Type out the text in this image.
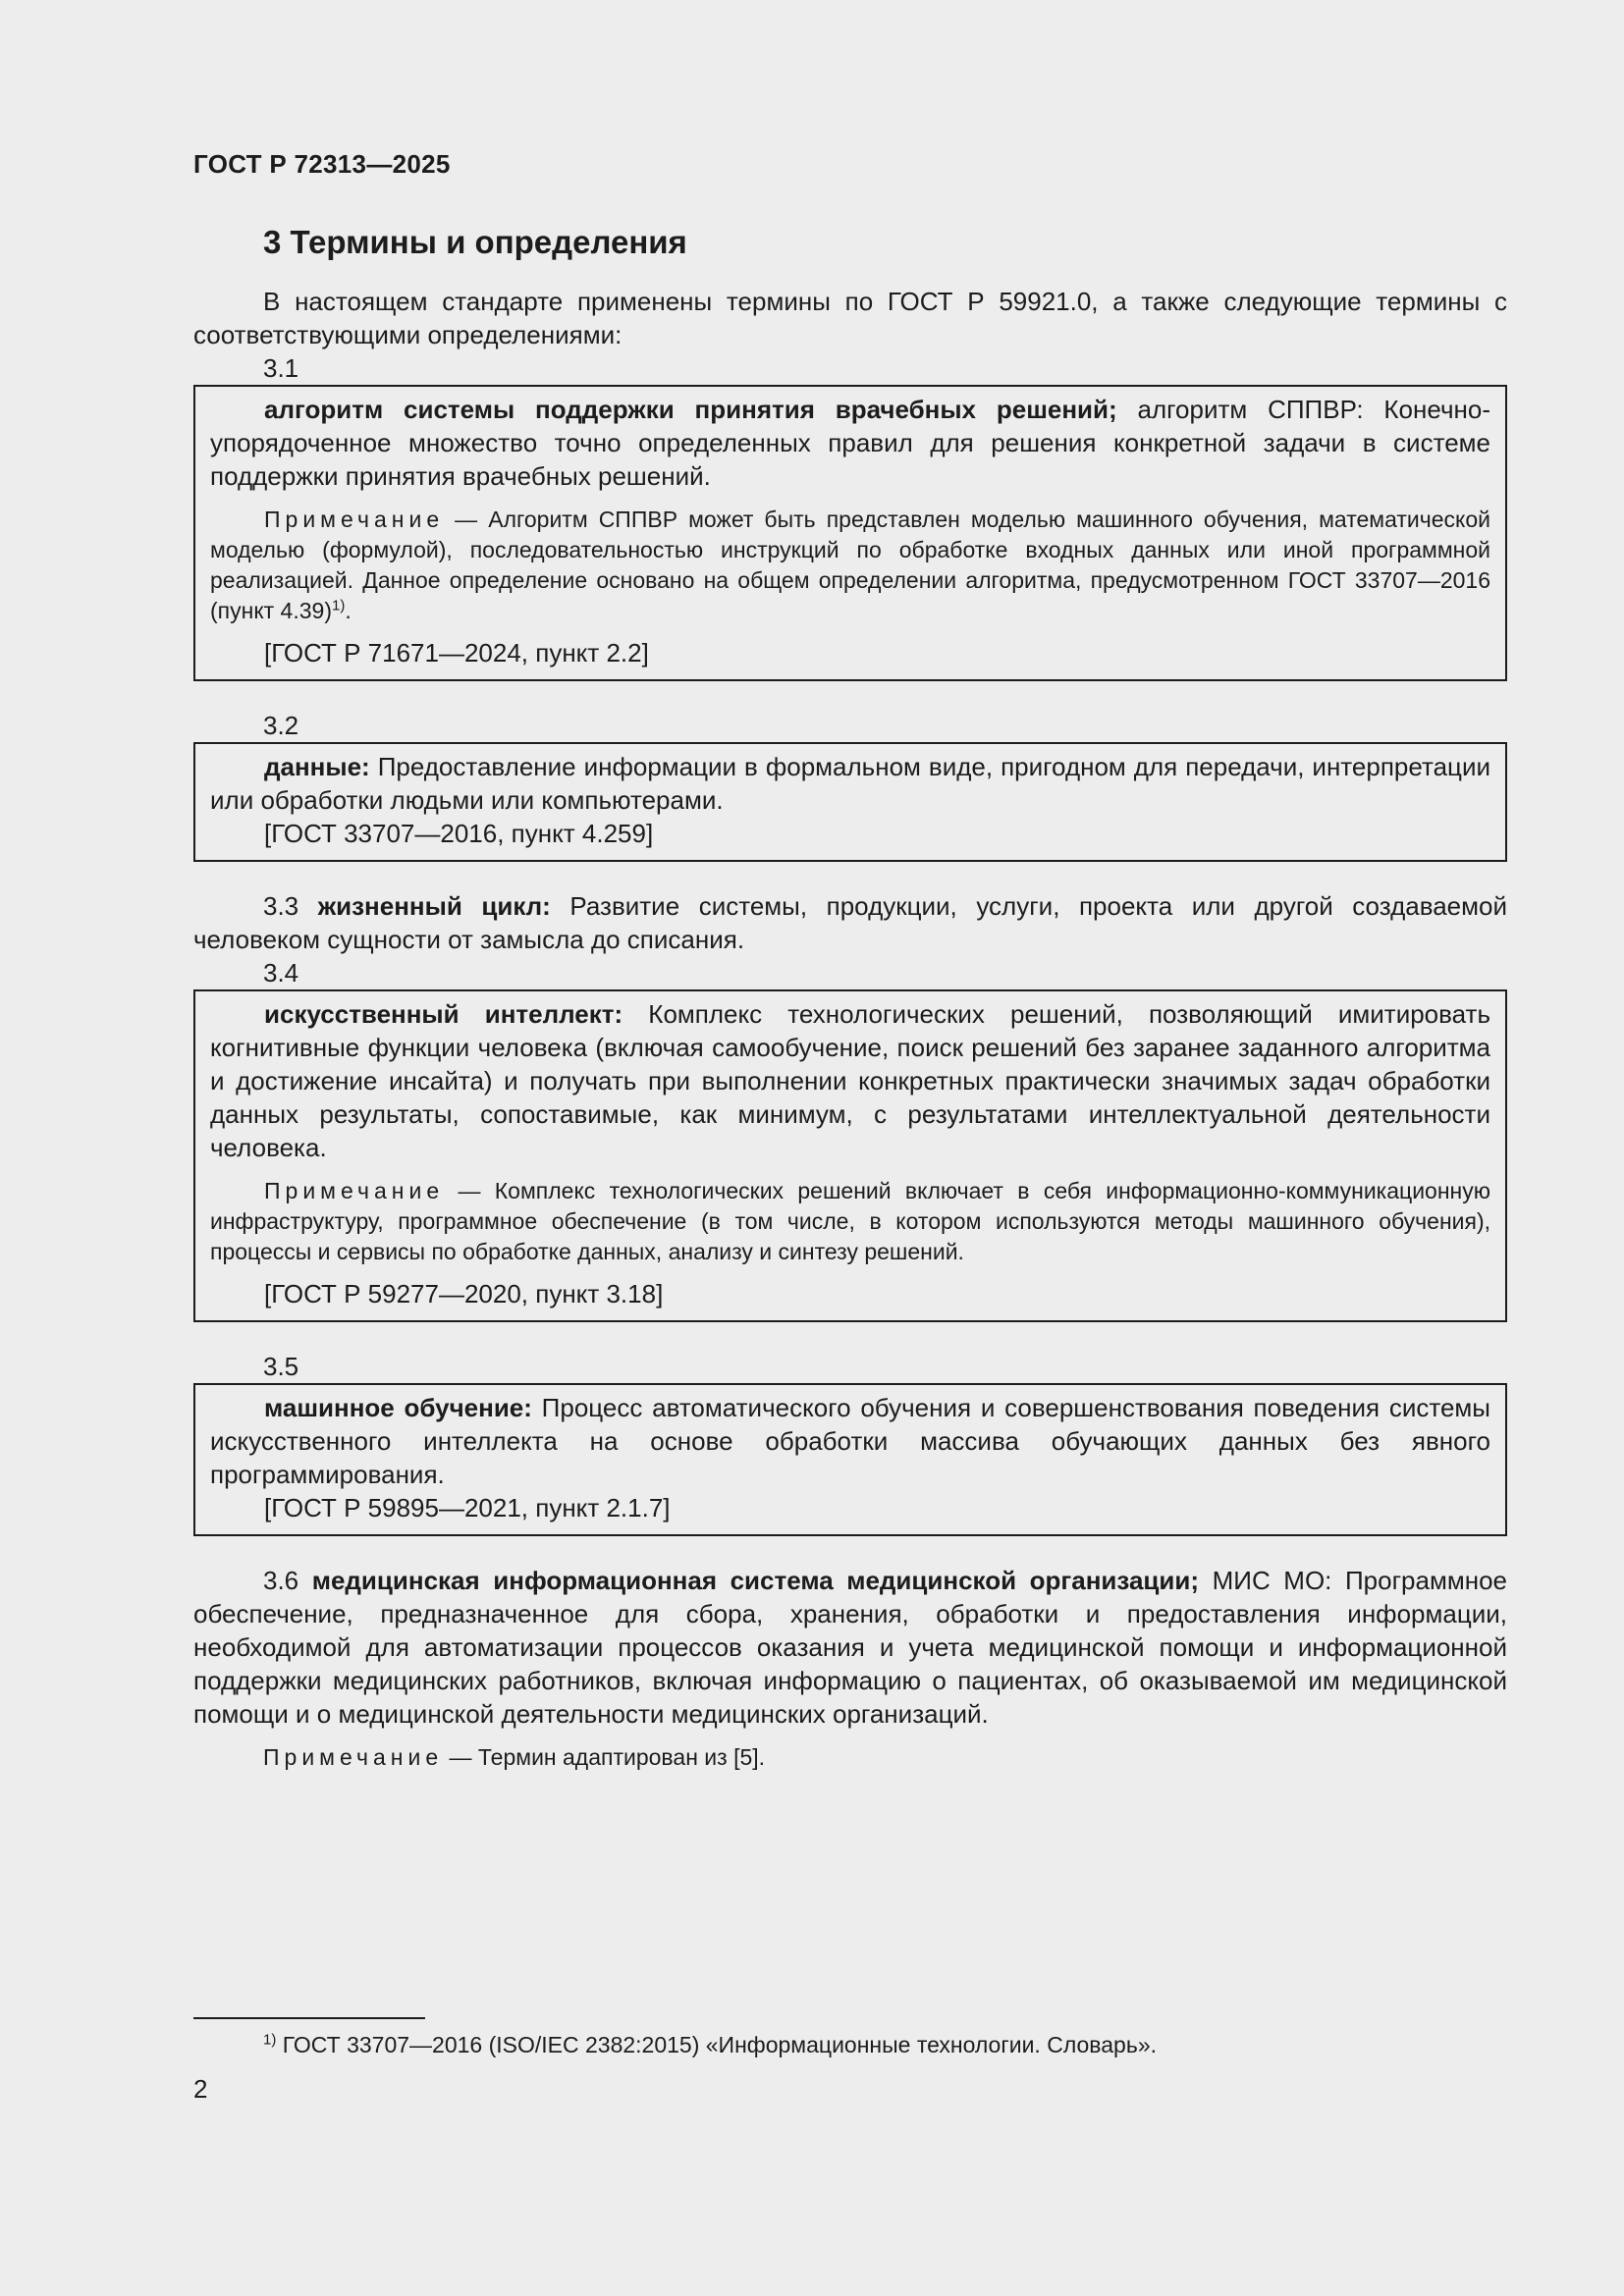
ГОСТ Р 72313—2025
3 Термины и определения

В настоящем стандарте применены термины по ГОСТ Р 59921.0, а также следующие термины с соответствующими определениями:

3.1

алгоритм системы поддержки принятия врачебных решений; алгоритм СППВР: Конечно-упорядоченное множество точно определенных правил для решения конкретной задачи в системе поддержки принятия врачебных решений.

Примечание — Алгоритм СППВР может быть представлен моделью машинного обучения, математической моделью (формулой), последовательностью инструкций по обработке входных данных или иной программной реализацией. Данное определение основано на общем определении алгоритма, предусмотренном ГОСТ 33707—2016 (пункт 4.39)$^{1)}$.

[ГОСТ Р 71671—2024, пункт 2.2]
3.2

данные: Предоставление информации в формальном виде, пригодном для передачи, интерпретации или обработки людьми или компьютерами.

[ГОСТ 33707—2016, пункт 4.259]

3.3 жизненный цикл: Развитие системы, продукции, услуги, проекта или другой создаваемой человеком сущности от замысла до списания.

3.4

искусственный интеллект: Комплекс технологических решений, позволяющий имитировать когнитивные функции человека (включая самообучение, поиск решений без заранее заданного алгоритма и достижение инсайта) и получать при выполнении конкретных практически значимых задач обработки данных результаты, сопоставимые, как минимум, с результатами интеллектуальной деятельности человека.

Примечание — Комплекс технологических решений включает в себя информационно-коммуникационную инфраструктуру, программное обеспечение (в том числе, в котором используются методы машинного обучения), процессы и сервисы по обработке данных, анализу и синтезу решений.

[ГОСТ Р 59277—2020, пункт 3.18]
3.5

машинное обучение: Процесс автоматического обучения и совершенствования поведения системы искусственного интеллекта на основе обработки массива обучающих данных без явного программирования.

[ГОСТ Р 59895—2021, пункт 2.1.7]

3.6 медицинская информационная система медицинской организации; МИС МО: Программное обеспечение, предназначенное для сбора, хранения, обработки и предоставления информации, необходимой для автоматизации процессов оказания и учета медицинской помощи и информационной поддержки медицинских работников, включая информацию о пациентах, об оказываемой им медицинской помощи и о медицинской деятельности медицинских организаций.

Примечание — Термин адаптирован из [5].

$^{1)}$ ГОСТ 33707—2016 (ISO/IEC 2382:2015) «Информационные технологии. Словарь».
2
